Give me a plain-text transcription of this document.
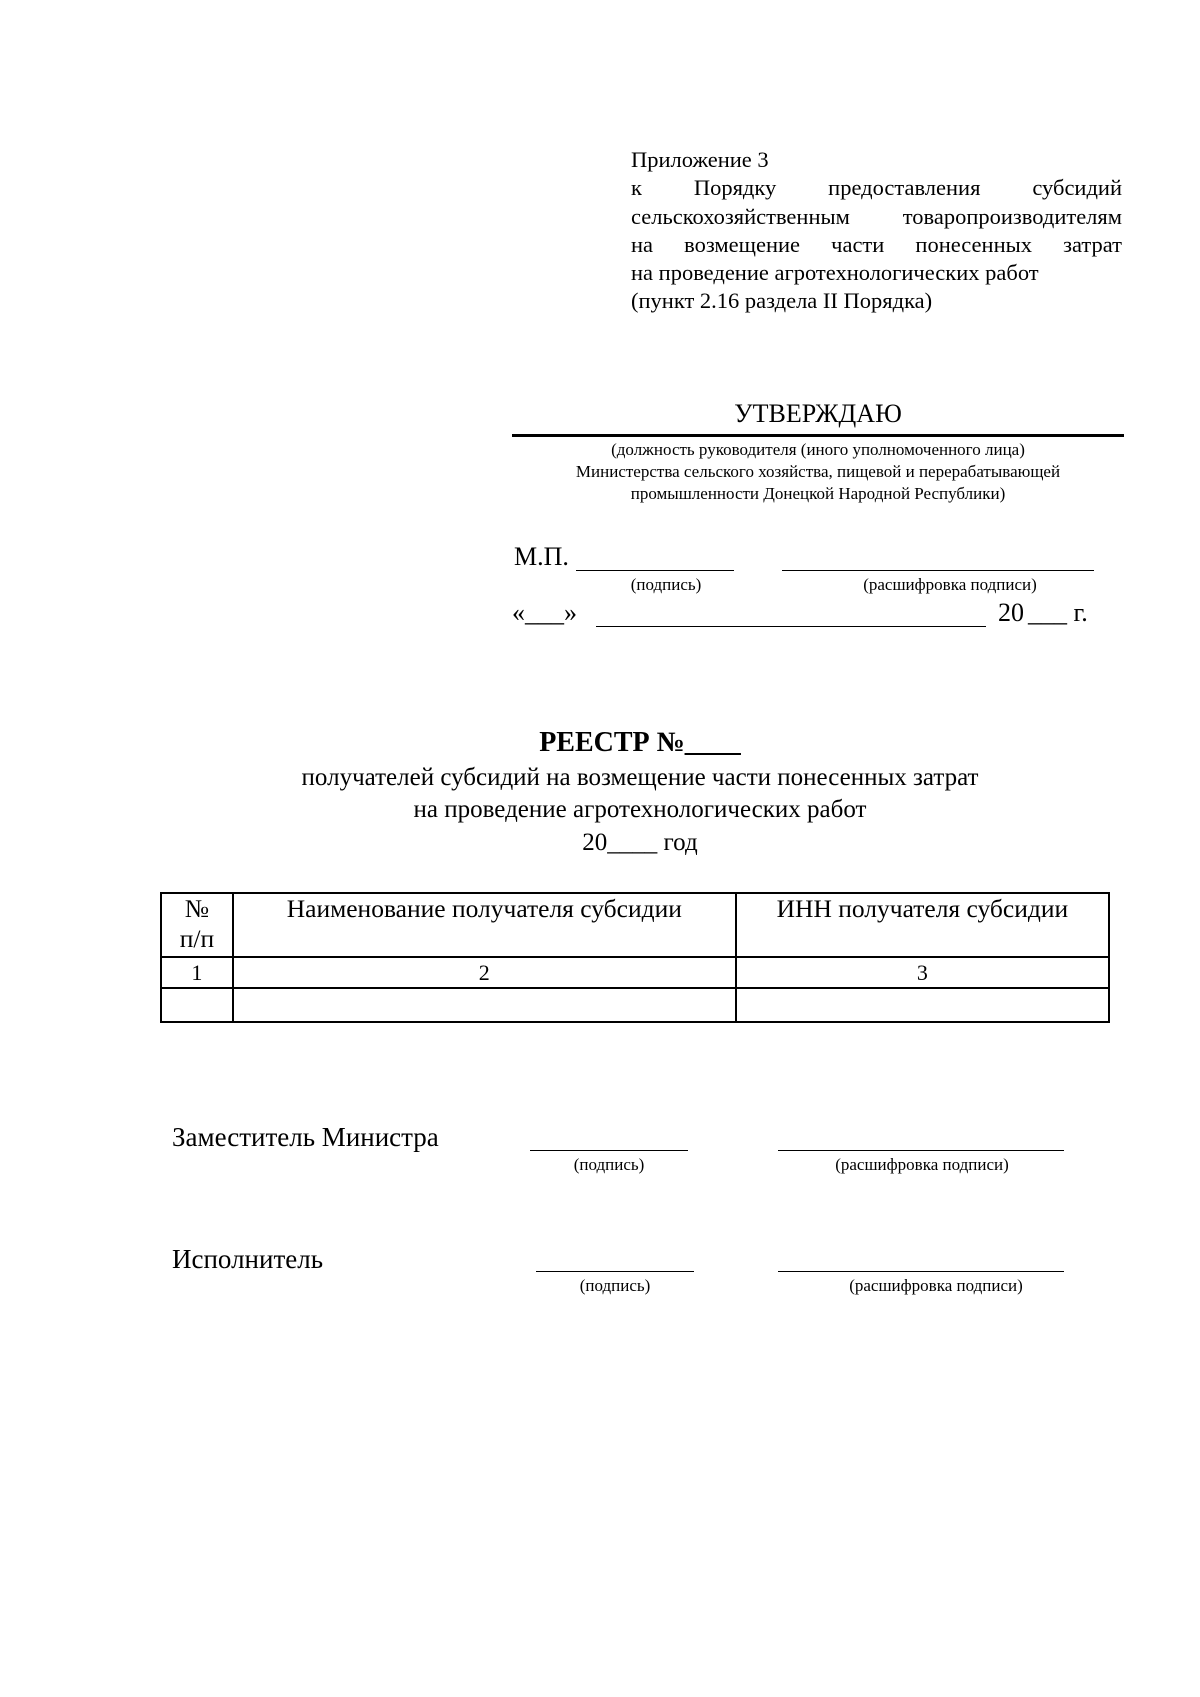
Приложение 3
к Порядку предоставления субсидий
сельскохозяйственным товаропроизводителям
на возмещение части понесенных затрат
на проведение агротехнологических работ
(пункт 2.16 раздела II Порядка)
УТВЕРЖДАЮ
(должность руководителя (иного уполномоченного лица)
Министерства сельского хозяйства, пищевой и перерабатывающей
промышленности Донецкой Народной Республики)
М.П.
(подпись)	(расшифровка подписи)
«___»	20 ___ г.
РЕЕСТР №____
получателей субсидий на возмещение части понесенных затрат
на проведение агротехнологических работ
20____ год
№
п/п	Наименование получателя субсидии	ИНН получателя субсидии
1	2	3

Заместитель Министра
(подпись)	(расшифровка подписи)
Исполнитель
(подпись)	(расшифровка подписи)
